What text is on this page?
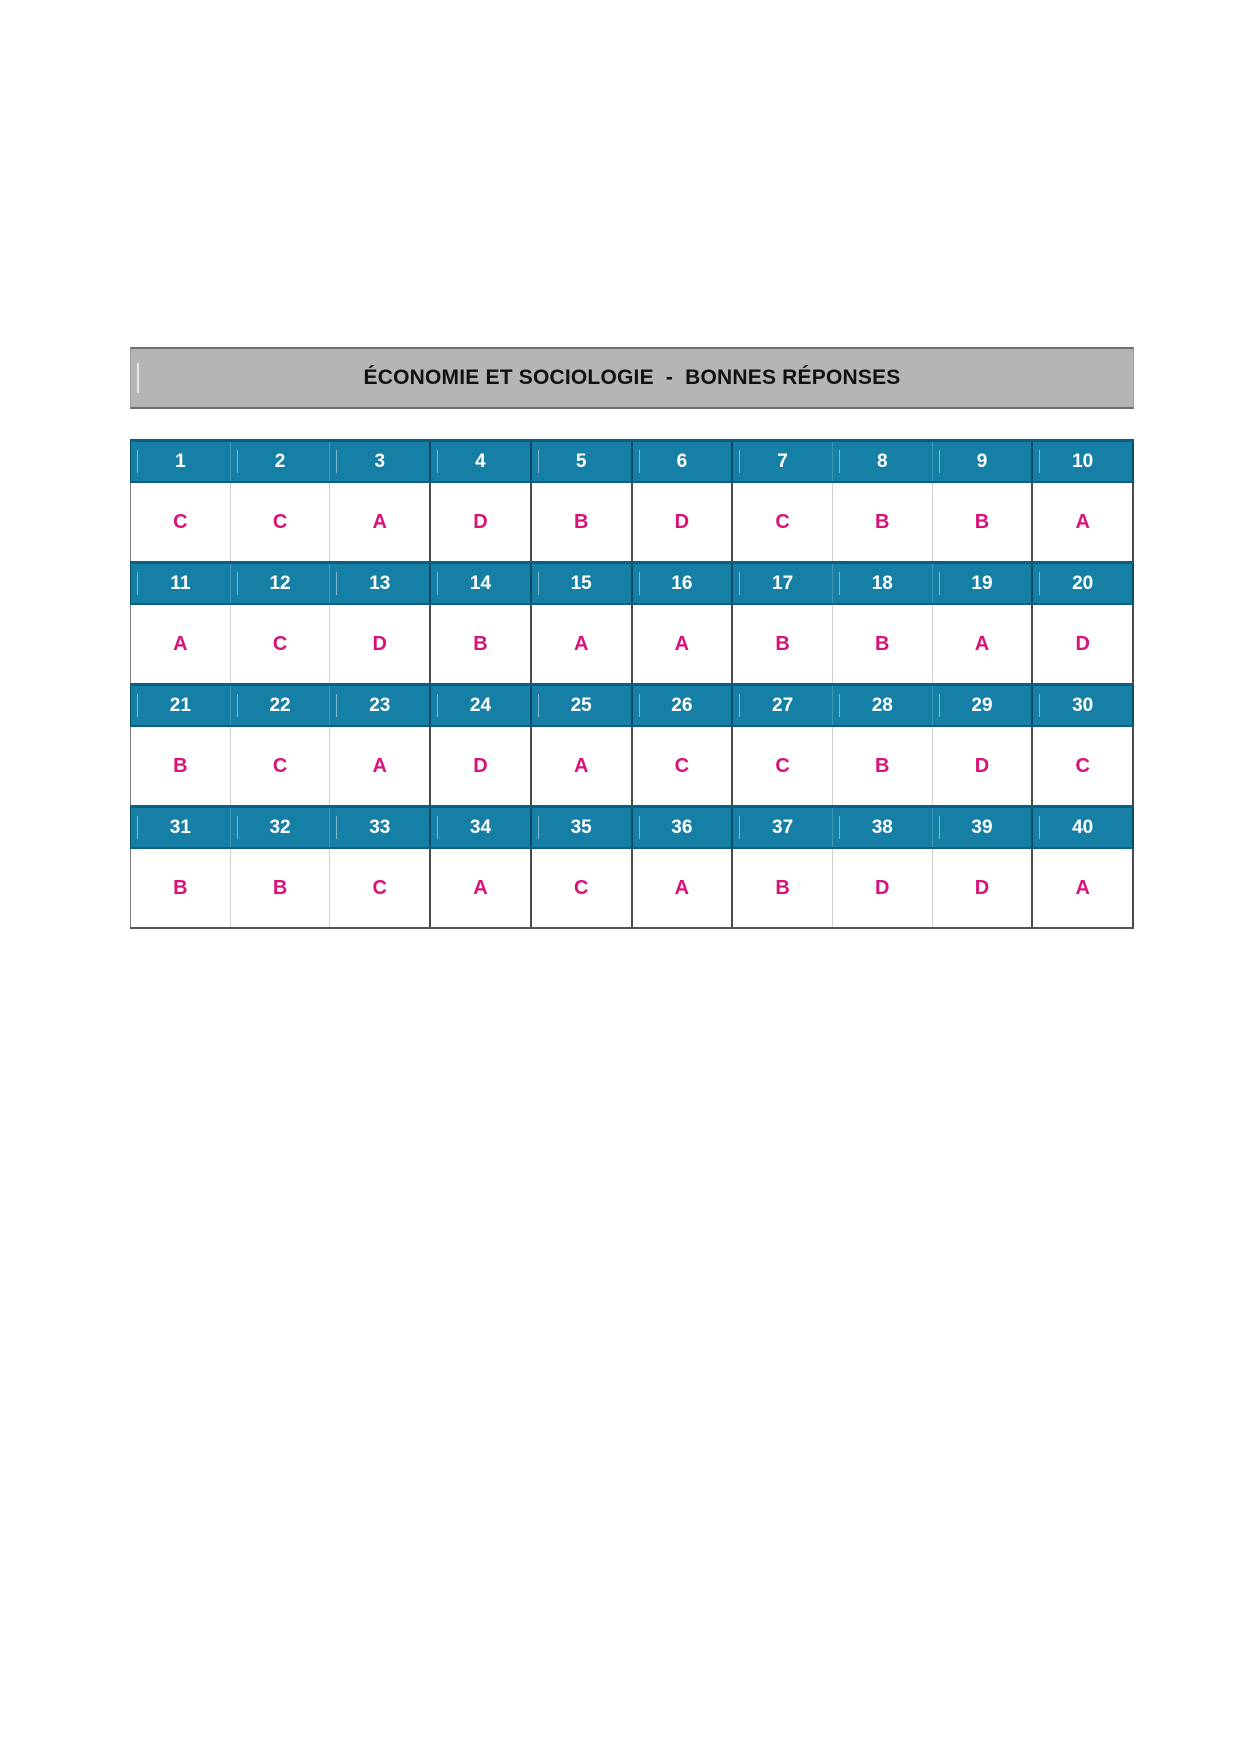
ÉCONOMIE ET SOCIOLOGIE  -  BONNES RÉPONSES
1	2	3	4	5	6	7	8	9	10
C	C	A	D	B	D	C	B	B	A
11	12	13	14	15	16	17	18	19	20
A	C	D	B	A	A	B	B	A	D
21	22	23	24	25	26	27	28	29	30
B	C	A	D	A	C	C	B	D	C
31	32	33	34	35	36	37	38	39	40
B	B	C	A	C	A	B	D	D	A
